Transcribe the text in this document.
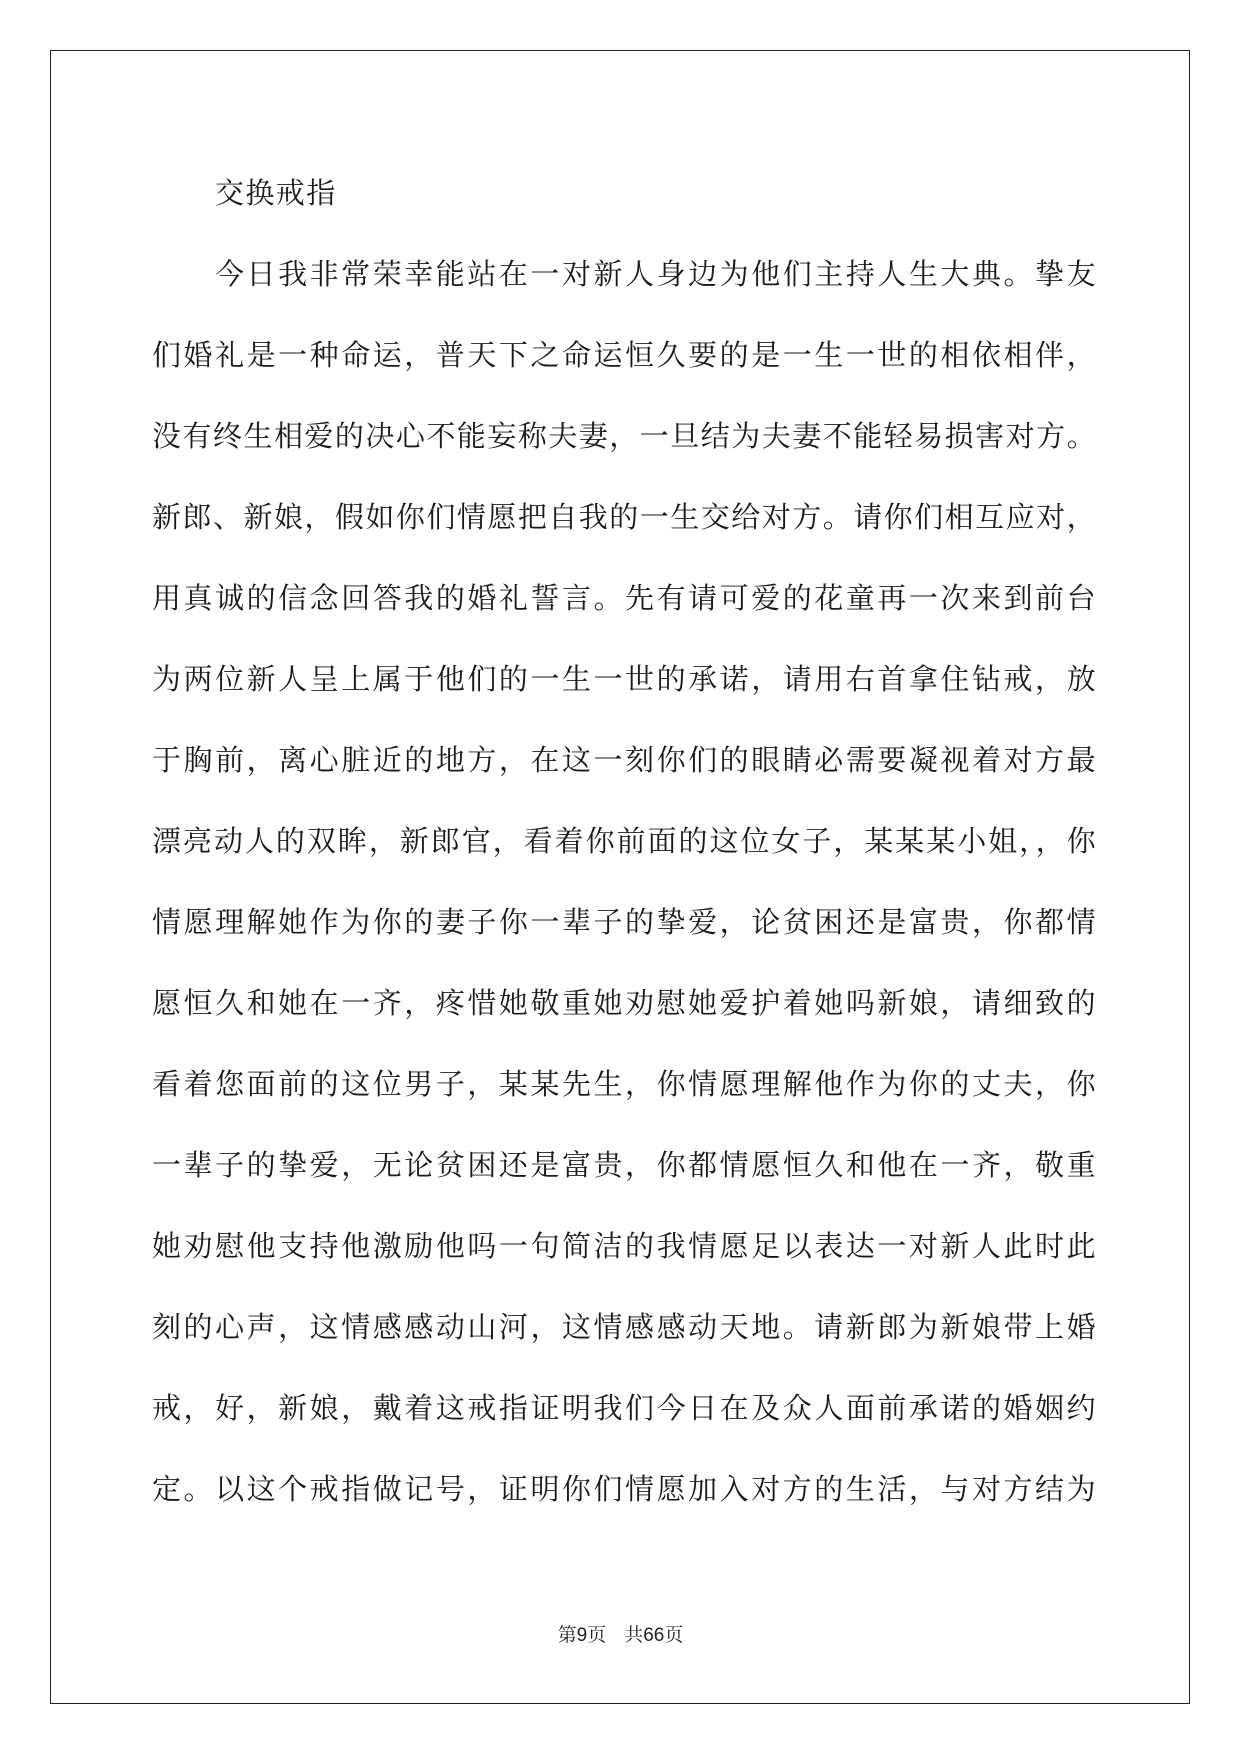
交换戒指
今日我非常荣幸能站在一对新人身边为他们主持人生大典。挚友
们婚礼是一种命运，普天下之命运恒久要的是一生一世的相依相伴，
没有终生相爱的决心不能妄称夫妻，一旦结为夫妻不能轻易损害对方。
新郎、新娘，假如你们情愿把自我的一生交给对方。请你们相互应对，
用真诚的信念回答我的婚礼誓言。先有请可爱的花童再一次来到前台
为两位新人呈上属于他们的一生一世的承诺，请用右首拿住钻戒，放
于胸前，离心脏近的地方，在这一刻你们的眼睛必需要凝视着对方最
漂亮动人的双眸，新郎官，看着你前面的这位女子，某某某小姐，，你
情愿理解她作为你的妻子你一辈子的挚爱，论贫困还是富贵，你都情
愿恒久和她在一齐，疼惜她敬重她劝慰她爱护着她吗新娘，请细致的
看着您面前的这位男子，某某先生，你情愿理解他作为你的丈夫，你
一辈子的挚爱，无论贫困还是富贵，你都情愿恒久和他在一齐，敬重
她劝慰他支持他激励他吗一句简洁的我情愿足以表达一对新人此时此
刻的心声，这情感感动山河，这情感感动天地。请新郎为新娘带上婚
戒，好，新娘，戴着这戒指证明我们今日在及众人面前承诺的婚姻约
定。以这个戒指做记号，证明你们情愿加入对方的生活，与对方结为
第9页 共66页
